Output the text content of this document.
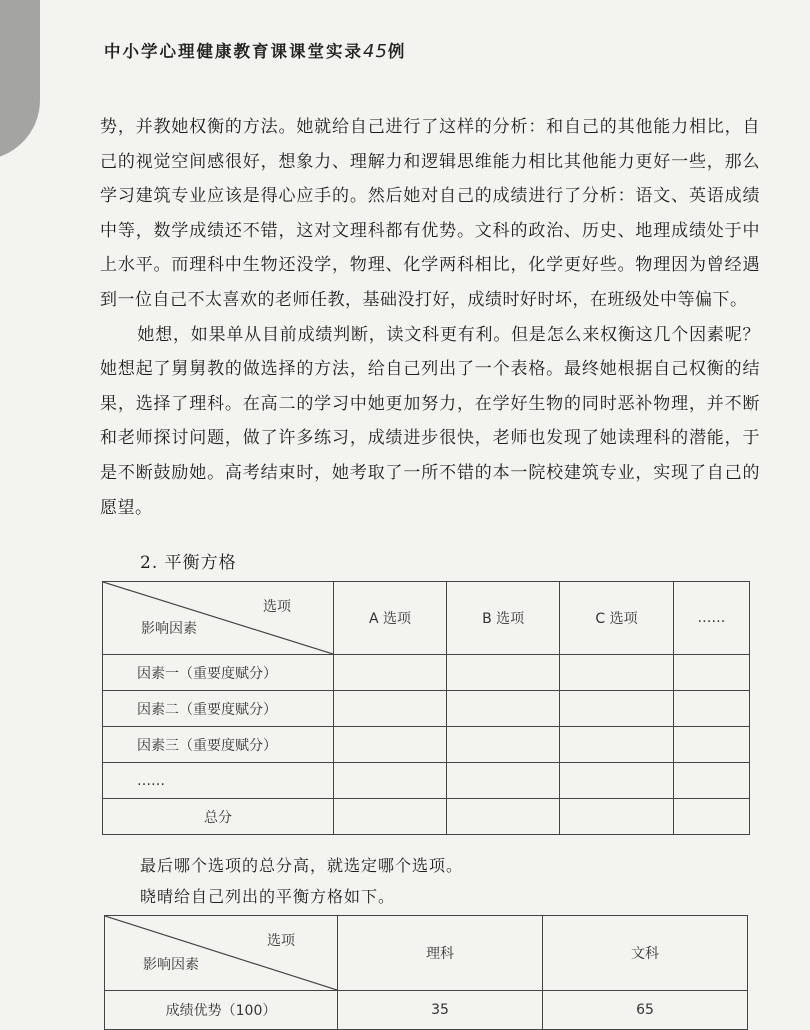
中小学心理健康教育课课堂实录45例

势，并教她权衡的方法。她就给自己进行了这样的分析：和自己的其他能力相比，自己的视觉空间感很好，想象力、理解力和逻辑思维能力相比其他能力更好一些，那么学习建筑专业应该是得心应手的。然后她对自己的成绩进行了分析：语文、英语成绩中等，数学成绩还不错，这对文理科都有优势。文科的政治、历史、地理成绩处于中上水平。而理科中生物还没学，物理、化学两科相比，化学更好些。物理因为曾经遇到一位自己不太喜欢的老师任教，基础没打好，成绩时好时坏，在班级处中等偏下。

她想，如果单从目前成绩判断，读文科更有利。但是怎么来权衡这几个因素呢？她想起了舅舅教的做选择的方法，给自己列出了一个表格。最终她根据自己权衡的结果，选择了理科。在高二的学习中她更加努力，在学好生物的同时恶补物理，并不断和老师探讨问题，做了许多练习，成绩进步很快，老师也发现了她读理科的潜能，于是不断鼓励她。高考结束时，她考取了一所不错的本一院校建筑专业，实现了自己的愿望。

2. 平衡方格
选项
影响因素	A 选项	B 选项	C 选项	……
因素一（重要度赋分）				
因素二（重要度赋分）				
因素三（重要度赋分）				
……				
总分				
最后哪个选项的总分高，就选定哪个选项。
晓晴给自己列出的平衡方格如下。
选项
影响因素	理科	文科
成绩优势（100）	35	65
